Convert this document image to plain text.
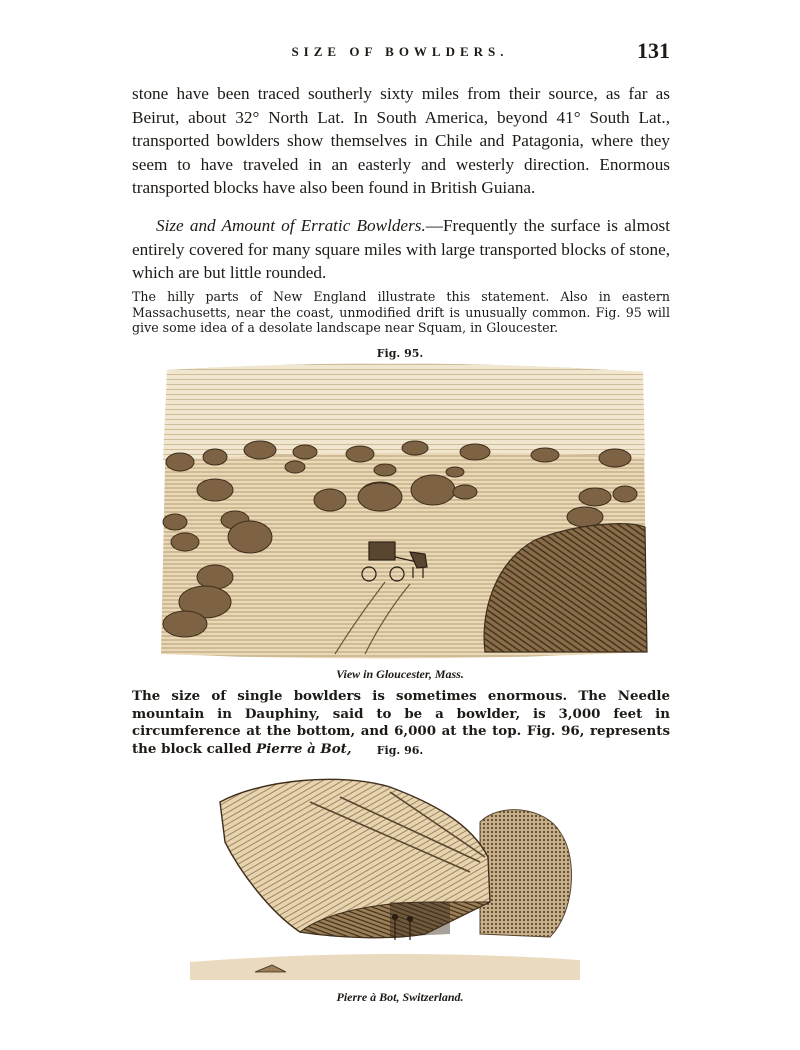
SIZE OF BOWLDERS.	131

stone have been traced southerly sixty miles from their source, as far as Beirut, about 32° North Lat. In South America, beyond 41° South Lat., transported bowlders show themselves in Chile and Patagonia, where they seem to have traveled in an easterly and westerly direction. Enormous transported blocks have also been found in British Guiana.

Size and Amount of Erratic Bowlders.—Frequently the surface is almost entirely covered for many square miles with large transported blocks of stone, which are but little rounded.

The hilly parts of New England illustrate this statement. Also in eastern Massachusetts, near the coast, unmodified drift is unusually common. Fig. 95 will give some idea of a desolate landscape near Squam, in Gloucester.

Fig. 95.
View in Gloucester, Mass.

The size of single bowlders is sometimes enormous. The Needle mountain in Dauphiny, said to be a bowlder, is 3,000 feet in circumference at the bottom, and 6,000 at the top. Fig. 96, represents the block called Pierre à Bot,	Fig. 96.
Pierre à Bot, Switzerland.
